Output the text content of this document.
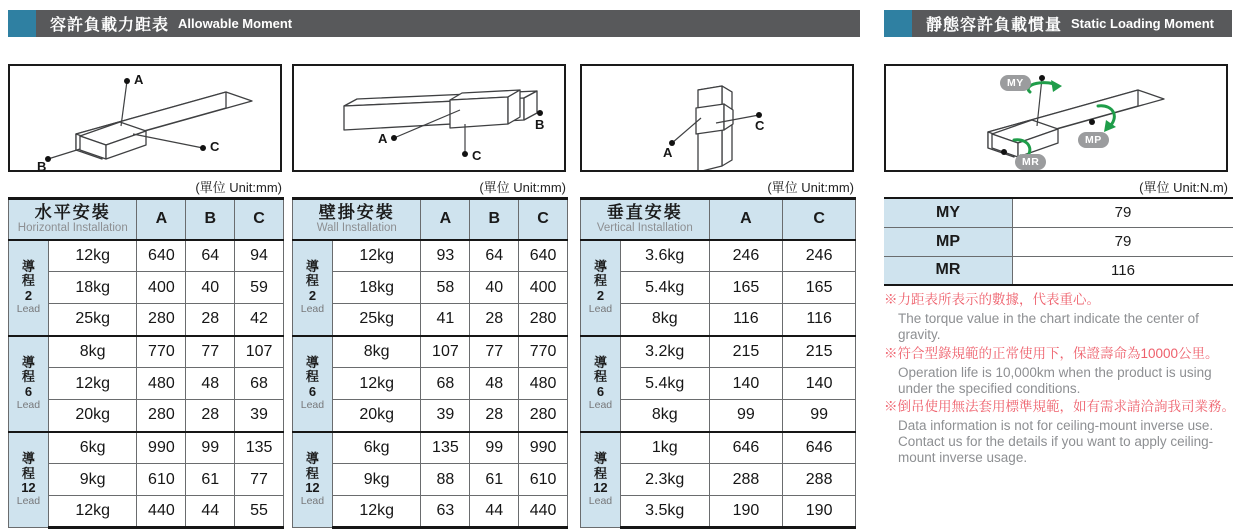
容許負載力距表 Allowable Moment	靜態容許負載慣量 Static Loading Moment
A
B
C
(單位 Unit:mm)
水平安裝
Horizontal Installation		A	B	C

導
程
2
Lead	12kg	640	64	94
	18kg	400	40	59
	25kg	280	28	42

導
程
6
Lead	8kg	770	77	107
	12kg	480	48	68
	20kg	280	28	39

導
程
12
Lead	6kg	990	99	135
	9kg	610	61	77
	12kg	440	44	55
A
B
C
(單位 Unit:mm)
壁掛安裝
Wall Installation		A	B	C

導
程
2
Lead	12kg	93	64	640
	18kg	58	40	400
	25kg	41	28	280

導
程
6
Lead	8kg	107	77	770
	12kg	68	48	480
	20kg	39	28	280

導
程
12
Lead	6kg	135	99	990
	9kg	88	61	610
	12kg	63	44	440
A
C
(單位 Unit:mm)
垂直安裝
Vertical Installation		A	C

導
程
2
Lead	3.6kg	246	246
	5.4kg	165	165
	8kg	116	116

導
程
6
Lead	3.2kg	215	215
	5.4kg	140	140
	8kg	99	99

導
程
12
Lead	1kg	646	646
	2.3kg	288	288
	3.5kg	190	190
MY
MP
MR
(單位 Unit:N.m)
MY	79
MP	79
MR	116

※力距表所表示的數據，代表重心。

The torque value in the chart indicate the center of gravity.

※符合型錄規範的正常使用下，保證壽命為10000公里。

Operation life is 10,000km when the product is using under the specified conditions.

※倒吊使用無法套用標準規範，如有需求請洽詢我司業務。

Data information is not for ceiling-mount inverse use. Contact us for the details if you want to apply ceiling-mount inverse usage.
